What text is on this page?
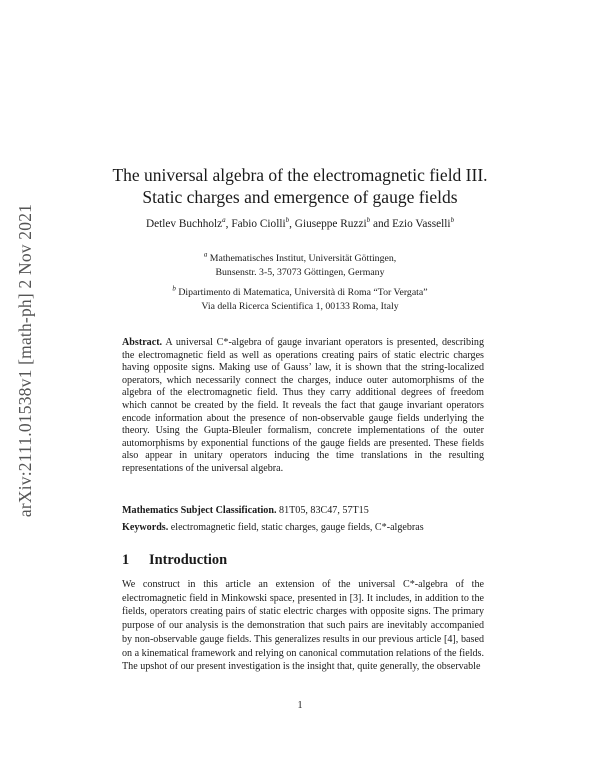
arXiv:2111.01538v1 [math-ph] 2 Nov 2021
The universal algebra of the electromagnetic field III.
Static charges and emergence of gauge fields
Detlev Buchholz$^a$, Fabio Ciolli$^b$, Giuseppe Ruzzi$^b$ and Ezio Vasselli$^b$
$^a$ Mathematisches Institut, Universität Göttingen,
Bunsenstr. 3-5, 37073 Göttingen, Germany
$^b$ Dipartimento di Matematica, Università di Roma “Tor Vergata”
Via della Ricerca Scientifica 1, 00133 Roma, Italy

Abstract. A universal C*-algebra of gauge invariant operators is presented, describing the electromagnetic field as well as operations creating pairs of static electric charges having opposite signs. Making use of Gauss’ law, it is shown that the string-localized operators, which necessarily connect the charges, induce outer automorphisms of the algebra of the electromagnetic field. Thus they carry additional degrees of freedom which cannot be created by the field. It reveals the fact that gauge invariant operators encode information about the presence of non-observable gauge fields underlying the theory. Using the Gupta-Bleuler formalism, concrete implementations of the outer automorphisms by exponential functions of the gauge fields are presented. These fields also appear in unitary operators inducing the time translations in the resulting representations of the universal algebra.

Mathematics Subject Classification. 81T05, 83C47, 57T15

Keywords. electromagnetic field, static charges, gauge fields, C*-algebras

1 Introduction

We construct in this article an extension of the universal C*-algebra of the electromagnetic field in Minkowski space, presented in [3]. It includes, in addition to the fields, operators creating pairs of static electric charges with opposite signs. The primary purpose of our analysis is the demonstration that such pairs are inevitably accompanied by non-observable gauge fields. This generalizes results in our previous article [4], based on a kinematical framework and relying on canonical commutation relations of the fields. The upshot of our present investigation is the insight that, quite generally, the observable

1
